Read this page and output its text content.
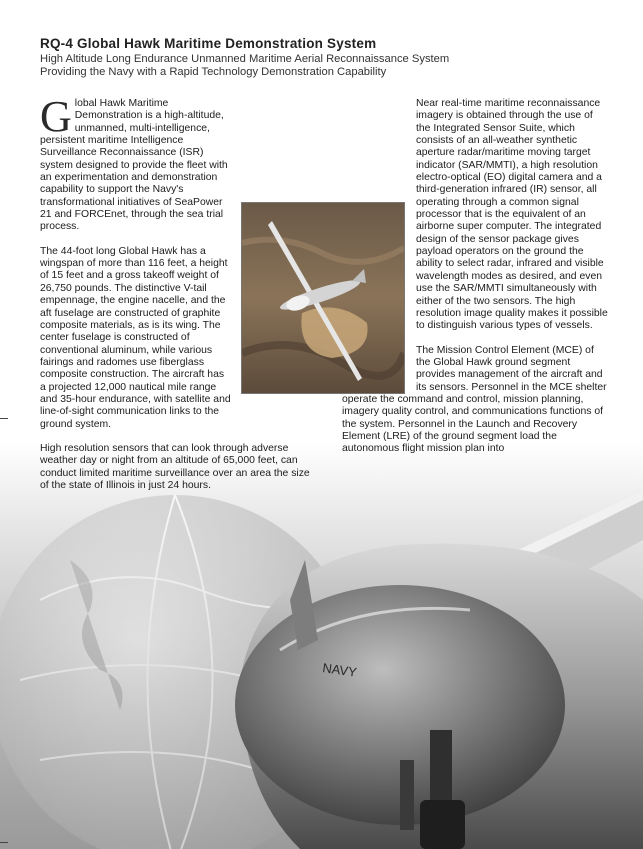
NAVY
RQ-4 Global Hawk Maritime Demonstration System
High Altitude Long Endurance Unmanned Maritime Aerial Reconnaissance System
Providing the Navy with a Rapid Technology Demonstration Capability

Global Hawk Maritime Demonstration is a high-altitude, unmanned, multi-intelligence, persistent maritime Intelligence Surveillance Reconnaissance (ISR) system designed to provide the fleet with an experimentation and demonstration capability to support the Navy's transformational initiatives of SeaPower 21 and FORCEnet, through the sea trial process.

The 44-foot long Global Hawk has a wingspan of more than 116 feet, a height of 15 feet and a gross takeoff weight of 26,750 pounds. The distinctive V-tail empennage, the engine nacelle, and the aft fuselage are constructed of graphite composite materials, as is its wing. The center fuselage is constructed of conventional aluminum, while various fairings and radomes use fiberglass composite construction. The aircraft has a projected 12,000 nautical mile range and 35-hour endurance, with satellite and line-of-sight communication links to the ground system.

High resolution sensors that can look through adverse weather day or night from an altitude of 65,000 feet, can conduct limited maritime surveillance over an area the size of the state of Illinois in just 24 hours.

Near real-time maritime reconnaissance imagery is obtained through the use of the Integrated Sensor Suite, which consists of an all-weather synthetic aperture radar/maritime moving target indicator (SAR/MMTI), a high resolution electro-optical (EO) digital camera and a third-generation infrared (IR) sensor, all operating through a common signal processor that is the equivalent of an airborne super computer. The integrated design of the sensor package gives payload operators on the ground the ability to select radar, infrared and visible wavelength modes as desired, and even use the SAR/MMTI simultaneously with either of the two sensors. The high resolution image quality makes it possible to distinguish various types of vessels.

The Mission Control Element (MCE) of the Global Hawk ground segment provides management of the aircraft and its sensors. Personnel in the MCE shelter operate the command and control, mission planning, imagery quality control, and communications functions of the system. Personnel in the Launch and Recovery Element (LRE) of the ground segment load the autonomous flight mission plan into
